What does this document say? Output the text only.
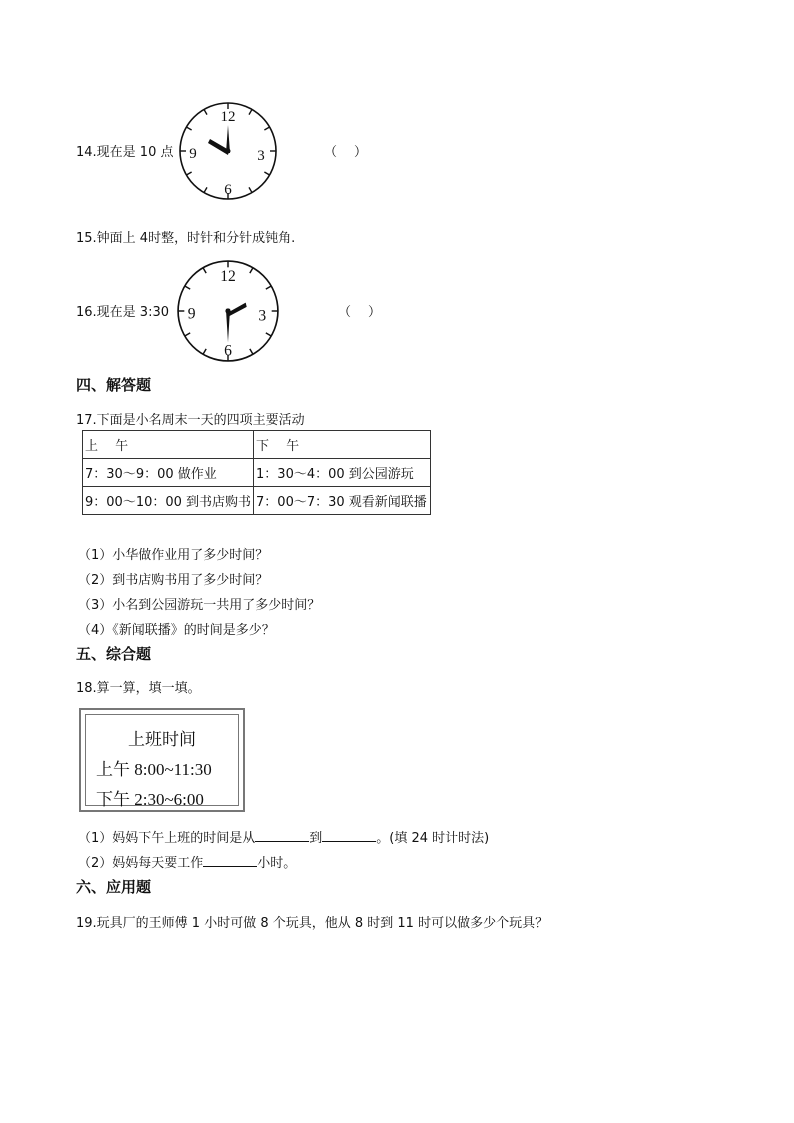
14.现在是 10 点
12
3
6
9	（　）
15.钟面上 4时整，时针和分针成钝角.
16.现在是 3:30
12
3
6
9	（　）
四、解答题
17.下面是小名周末一天的四项主要活动
上　 午	下　 午
7：30～9：00 做作业	1：30～4：00 到公园游玩
9：00～10：00 到书店购书	7：00～7：30 观看新闻联播
（1）小华做作业用了多少时间？
（2）到书店购书用了多少时间？
（3）小名到公园游玩一共用了多少时间？
（4）《新闻联播》的时间是多少？
五、综合题
18.算一算，填一填。
上班时间
上午 8:00~11:30
下午 2:30~6:00
（1）妈妈下午上班的时间是从	到	。(填 24 时计时法)
（2）妈妈每天要工作	小时。
六、应用题
19.玩具厂的王师傅 1 小时可做 8 个玩具，他从 8 时到 11 时可以做多少个玩具？
